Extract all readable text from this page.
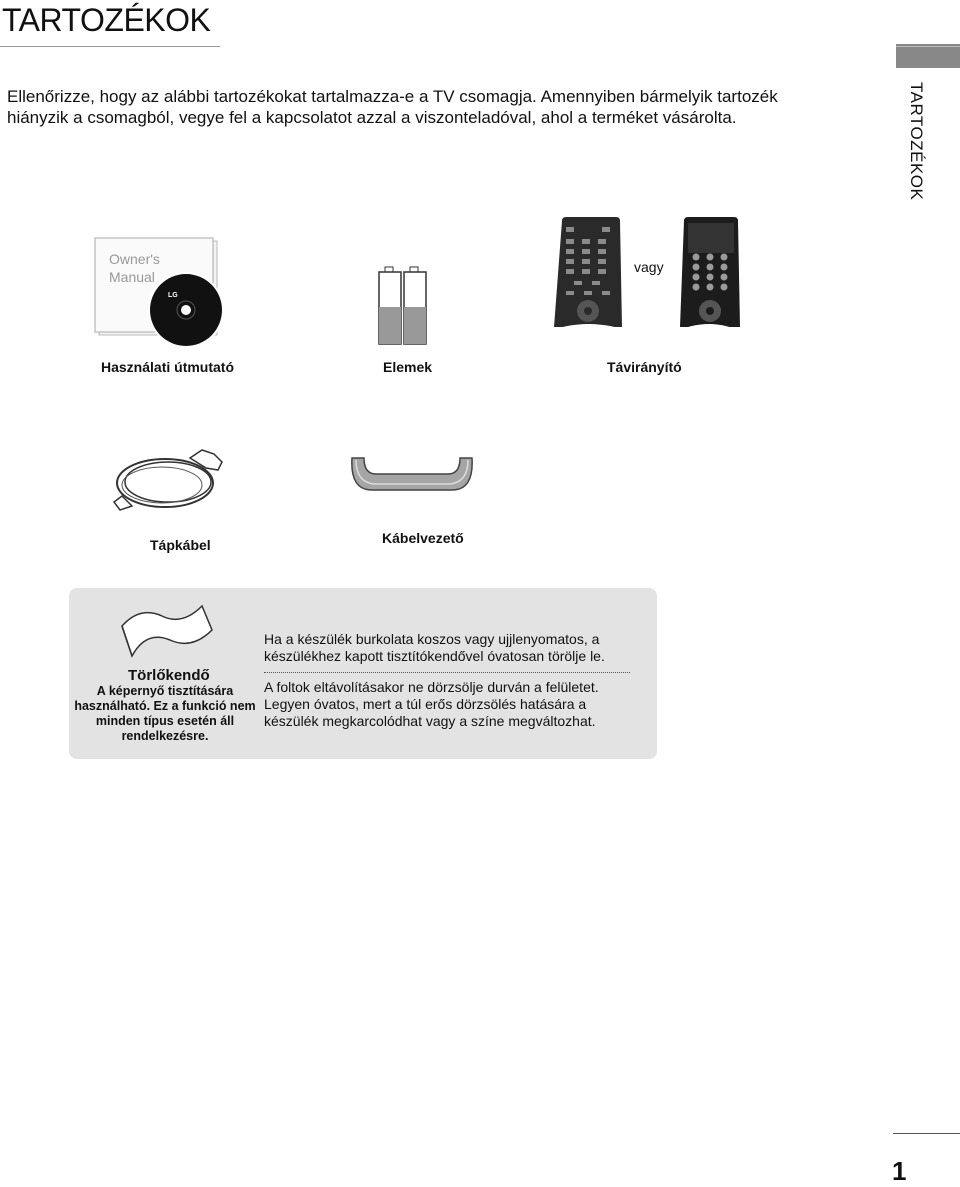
TARTOZÉKOK

Ellenőrizze, hogy az alábbi tartozékokat tartalmazza-e a TV csomagja. Amennyiben bármelyik tartozék hiányzik a csomagból, vegye fel a kapcsolatot azzal a viszonteladóval, ahol a terméket vásárolta.	TARTOZÉKOK
LG
Owner's Manual
vagy
Használati útmutató	Elemek	Távirányító
Tápkábel	Kábelvezető
Törlőkendő
A képernyő tisztítására használható. Ez a funkció nem minden típus esetén áll rendelkezésre.

Ha a készülék burkolata koszos vagy ujjlenyomatos, a készülékhez kapott tisztítókendővel óvatosan törölje le.

A foltok eltávolításakor ne dörzsölje durván a felületet. Legyen óvatos, mert a túl erős dörzsölés hatására a készülék megkarcolódhat vagy a színe megváltozhat.

1
